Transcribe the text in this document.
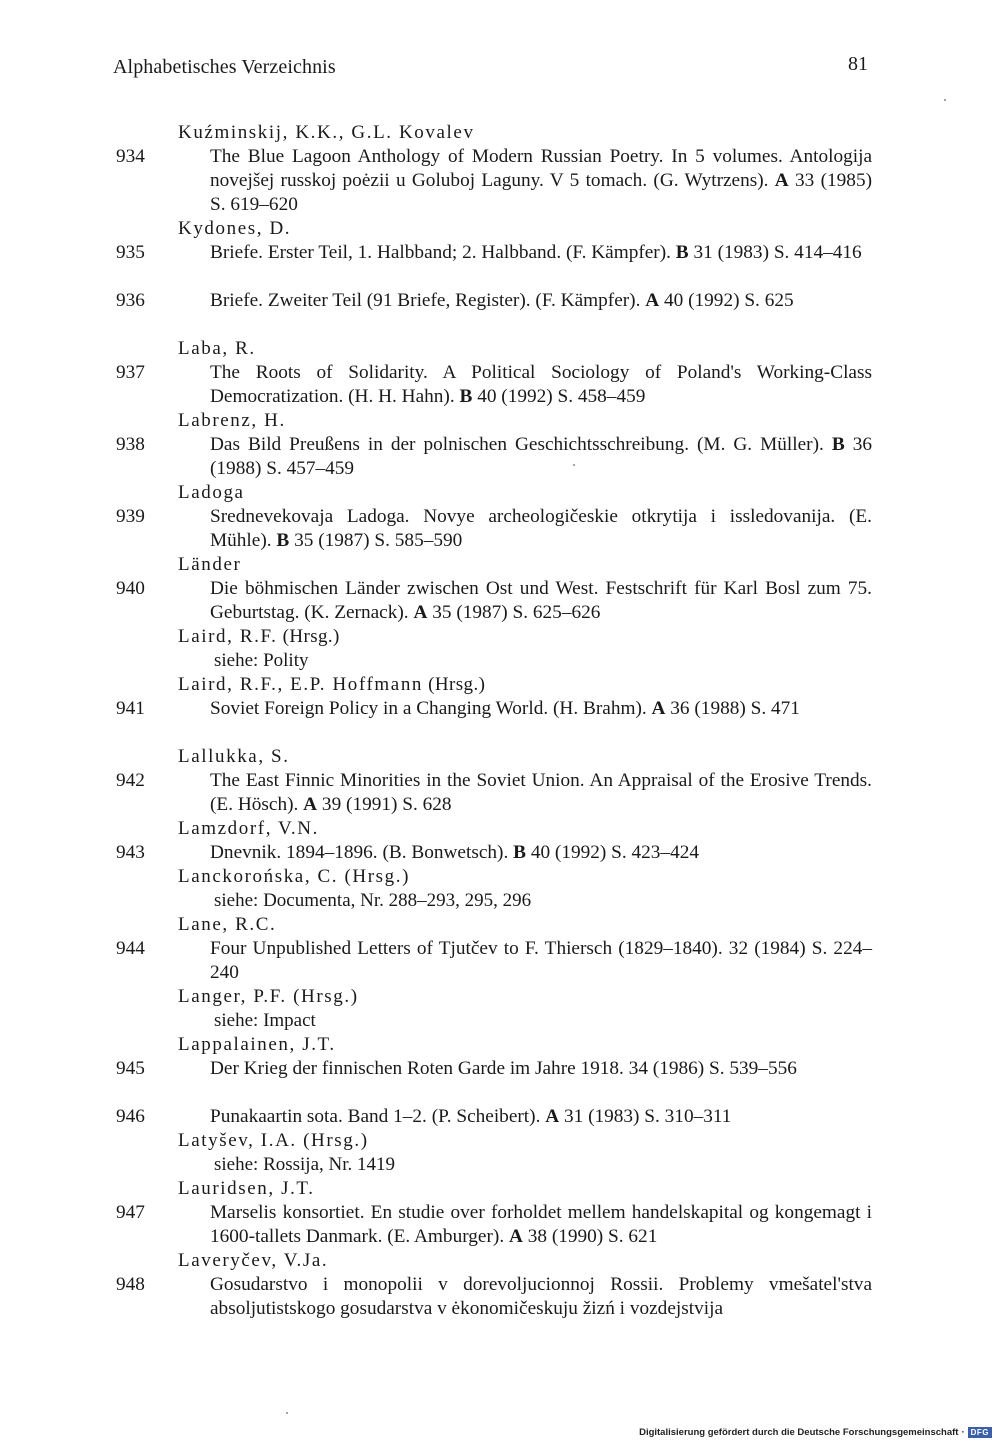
Alphabetisches Verzeichnis	81
Kuźminskij, K.K., G.L. Kovalev
934	The Blue Lagoon Anthology of Modern Russian Poetry. In 5 volumes. Antologija novejšej russkoj poėzii u Goluboj Laguny. V 5 tomach. (G. Wytrzens). A 33 (1985) S. 619–620
Kydones, D.
935	Briefe. Erster Teil, 1. Halbband; 2. Halbband. (F. Kämpfer). B 31 (1983) S. 414–416
936	Briefe. Zweiter Teil (91 Briefe, Register). (F. Kämpfer). A 40 (1992) S. 625
Laba, R.
937	The Roots of Solidarity. A Political Sociology of Poland's Working-Class Democratization. (H. H. Hahn). B 40 (1992) S. 458–459
Labrenz, H.
938	Das Bild Preußens in der polnischen Geschichtsschreibung. (M. G. Müller). B 36 (1988) S. 457–459
Ladoga
939	Srednevekovaja Ladoga. Novye archeologičeskie otkrytija i issledovanija. (E. Mühle). B 35 (1987) S. 585–590
Länder
940	Die böhmischen Länder zwischen Ost und West. Festschrift für Karl Bosl zum 75. Geburtstag. (K. Zernack). A 35 (1987) S. 625–626
Laird, R.F. (Hrsg.)
siehe: Polity
Laird, R.F., E.P. Hoffmann (Hrsg.)
941	Soviet Foreign Policy in a Changing World. (H. Brahm). A 36 (1988) S. 471
Lallukka, S.
942	The East Finnic Minorities in the Soviet Union. An Appraisal of the Erosive Trends. (E. Hösch). A 39 (1991) S. 628
Lamzdorf, V.N.
943	Dnevnik. 1894–1896. (B. Bonwetsch). B 40 (1992) S. 423–424
Lanckorońska, C. (Hrsg.)
siehe: Documenta, Nr. 288–293, 295, 296
Lane, R.C.
944	Four Unpublished Letters of Tjutčev to F. Thiersch (1829–1840). 32 (1984) S. 224–240
Langer, P.F. (Hrsg.)
siehe: Impact
Lappalainen, J.T.
945	Der Krieg der finnischen Roten Garde im Jahre 1918. 34 (1986) S. 539–556
946	Punakaartin sota. Band 1–2. (P. Scheibert). A 31 (1983) S. 310–311
Latyšev, I.A. (Hrsg.)
siehe: Rossija, Nr. 1419
Lauridsen, J.T.
947	Marselis konsortiet. En studie over forholdet mellem handelskapital og kongemagt i 1600-tallets Danmark. (E. Amburger). A 38 (1990) S. 621
Laveryčev, V.Ja.
948	Gosudarstvo i monopolii v dorevoljucionnoj Rossii. Problemy vmešatel'stva absoljutistskogo gosudarstva v ėkonomičeskuju žizń i vozdejstvija
Digitalisierung gefördert durch die Deutsche Forschungsgemeinschaft · DFG
